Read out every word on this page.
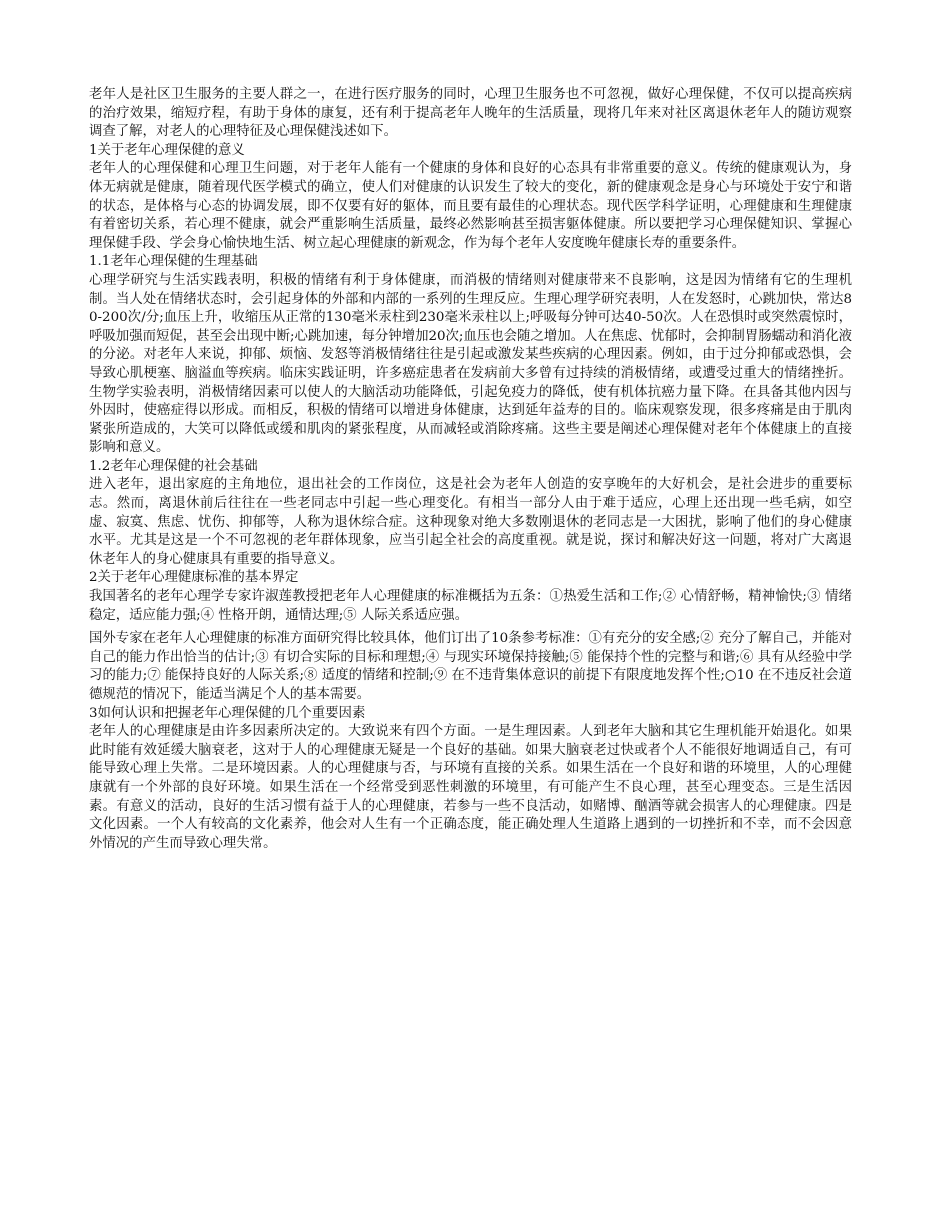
老年人是社区卫生服务的主要人群之一，在进行医疗服务的同时，心理卫生服务也不可忽视，做好心理保健，不仅可以提高疾病的治疗效果，缩短疗程，有助于身体的康复，还有利于提高老年人晚年的生活质量，现将几年来对社区离退休老年人的随访观察调查了解，对老人的心理特征及心理保健浅述如下。

1关于老年心理保健的意义

老年人的心理保健和心理卫生问题，对于老年人能有一个健康的身体和良好的心态具有非常重要的意义。传统的健康观认为，身体无病就是健康，随着现代医学模式的确立，使人们对健康的认识发生了较大的变化，新的健康观念是身心与环境处于安宁和谐的状态，是体格与心态的协调发展，即不仅要有好的躯体，而且要有最佳的心理状态。现代医学科学证明，心理健康和生理健康有着密切关系，若心理不健康，就会严重影响生活质量，最终必然影响甚至损害躯体健康。所以要把学习心理保健知识、掌握心理保健手段、学会身心愉快地生活、树立起心理健康的新观念，作为每个老年人安度晚年健康长寿的重要条件。

1.1老年心理保健的生理基础

心理学研究与生活实践表明，积极的情绪有利于身体健康，而消极的情绪则对健康带来不良影响，这是因为情绪有它的生理机制。当人处在情绪状态时，会引起身体的外部和内部的一系列的生理反应。生理心理学研究表明，人在发怒时，心跳加快，常达80-200次/分;血压上升，收缩压从正常的130毫米汞柱到230毫米汞柱以上;呼吸每分钟可达40-50次。人在恐惧时或突然震惊时，呼吸加强而短促，甚至会出现中断;心跳加速，每分钟增加20次;血压也会随之增加。人在焦虑、忧郁时，会抑制胃肠蠕动和消化液的分泌。对老年人来说，抑郁、烦恼、发怒等消极情绪往往是引起或激发某些疾病的心理因素。例如，由于过分抑郁或恐惧，会导致心肌梗塞、脑溢血等疾病。临床实践证明，许多癌症患者在发病前大多曾有过持续的消极情绪，或遭受过重大的情绪挫折。生物学实验表明，消极情绪因素可以使人的大脑活动功能降低，引起免疫力的降低，使有机体抗癌力量下降。在具备其他内因与外因时，使癌症得以形成。而相反，积极的情绪可以增进身体健康，达到延年益寿的目的。临床观察发现，很多疼痛是由于肌肉紧张所造成的，大笑可以降低或缓和肌肉的紧张程度，从而减轻或消除疼痛。这些主要是阐述心理保健对老年个体健康上的直接影响和意义。

1.2老年心理保健的社会基础

进入老年，退出家庭的主角地位，退出社会的工作岗位，这是社会为老年人创造的安享晚年的大好机会，是社会进步的重要标志。然而，离退休前后往往在一些老同志中引起一些心理变化。有相当一部分人由于难于适应，心理上还出现一些毛病，如空虚、寂寞、焦虑、忧伤、抑郁等，人称为退休综合症。这种现象对绝大多数刚退休的老同志是一大困扰，影响了他们的身心健康水平。尤其是这是一个不可忽视的老年群体现象，应当引起全社会的高度重视。就是说，探讨和解决好这一问题，将对广大离退休老年人的身心健康具有重要的指导意义。

2关于老年心理健康标准的基本界定

我国著名的老年心理学专家许淑莲教授把老年人心理健康的标准概括为五条：①热爱生活和工作;② 心情舒畅，精神愉快;③ 情绪稳定，适应能力强;④ 性格开朗，通情达理;⑤ 人际关系适应强。

国外专家在老年人心理健康的标准方面研究得比较具体，他们订出了10条参考标准：①有充分的安全感;② 充分了解自己，并能对自己的能力作出恰当的估计;③ 有切合实际的目标和理想;④ 与现实环境保持接触;⑤ 能保持个性的完整与和谐;⑥ 具有从经验中学习的能力;⑦ 能保持良好的人际关系;⑧ 适度的情绪和控制;⑨ 在不违背集体意识的前提下有限度地发挥个性;○10 在不违反社会道德规范的情况下，能适当满足个人的基本需要。

3如何认识和把握老年心理保健的几个重要因素

老年人的心理健康是由许多因素所决定的。大致说来有四个方面。一是生理因素。人到老年大脑和其它生理机能开始退化。如果此时能有效延缓大脑衰老，这对于人的心理健康无疑是一个良好的基础。如果大脑衰老过快或者个人不能很好地调适自己，有可能导致心理上失常。二是环境因素。人的心理健康与否，与环境有直接的关系。如果生活在一个良好和谐的环境里，人的心理健康就有一个外部的良好环境。如果生活在一个经常受到恶性刺激的环境里，有可能产生不良心理，甚至心理变态。三是生活因素。有意义的活动，良好的生活习惯有益于人的心理健康，若参与一些不良活动，如赌博、酗酒等就会损害人的心理健康。四是文化因素。一个人有较高的文化素养，他会对人生有一个正确态度，能正确处理人生道路上遇到的一切挫折和不幸，而不会因意外情况的产生而导致心理失常。
